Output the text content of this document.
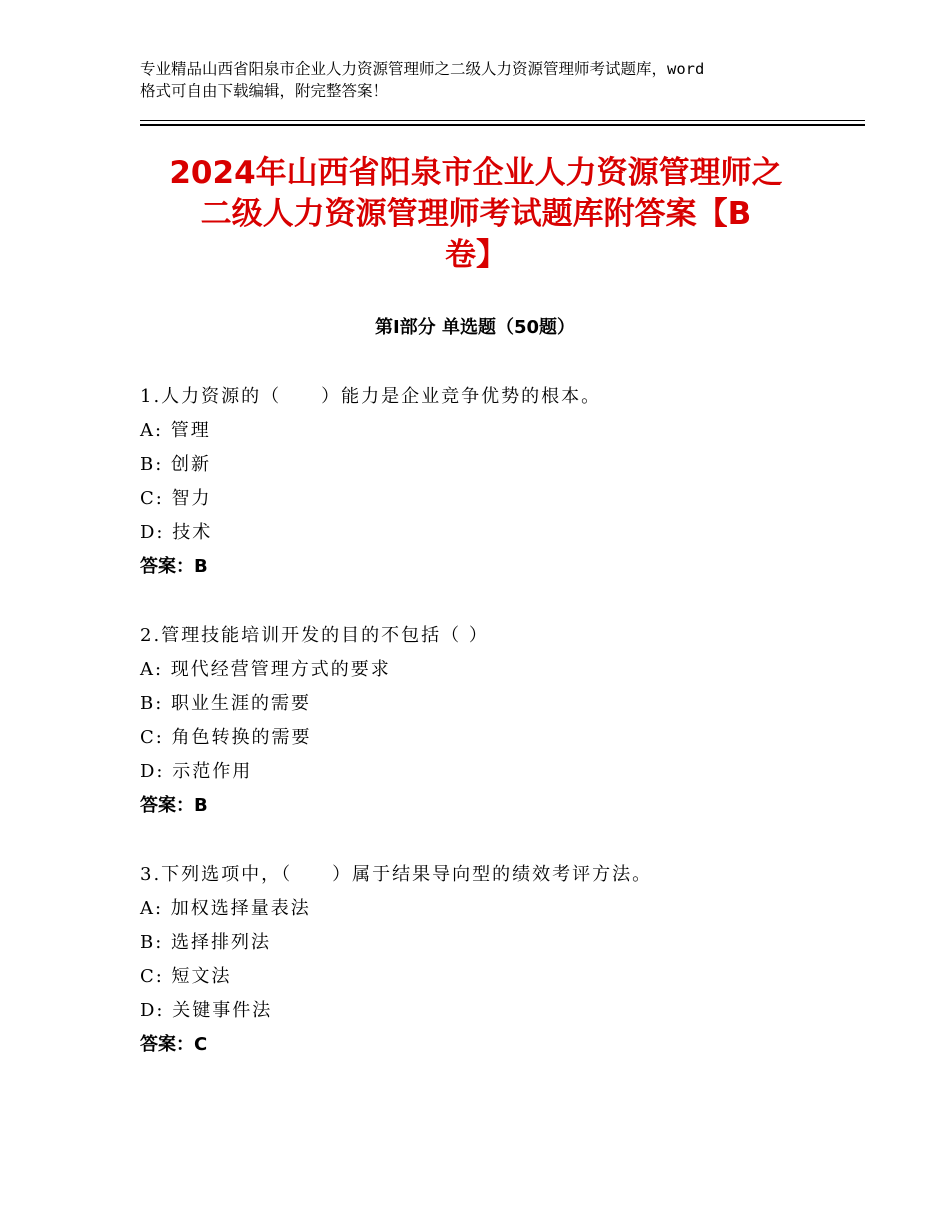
专业精品山西省阳泉市企业人力资源管理师之二级人力资源管理师考试题库，word
格式可自由下载编辑，附完整答案！
2024年山西省阳泉市企业人力资源管理师之
二级人力资源管理师考试题库附答案【B
卷】
第Ⅰ部分 单选题（50题）
1.人力资源的（　　）能力是企业竞争优势的根本。
A: 管理
B: 创新
C: 智力
D: 技术
答案：B
2.管理技能培训开发的目的不包括（ ）
A: 现代经营管理方式的要求
B: 职业生涯的需要
C: 角色转换的需要
D: 示范作用
答案：B
3.下列选项中，（　　）属于结果导向型的绩效考评方法。
A: 加权选择量表法
B: 选择排列法
C: 短文法
D: 关键事件法
答案：C
